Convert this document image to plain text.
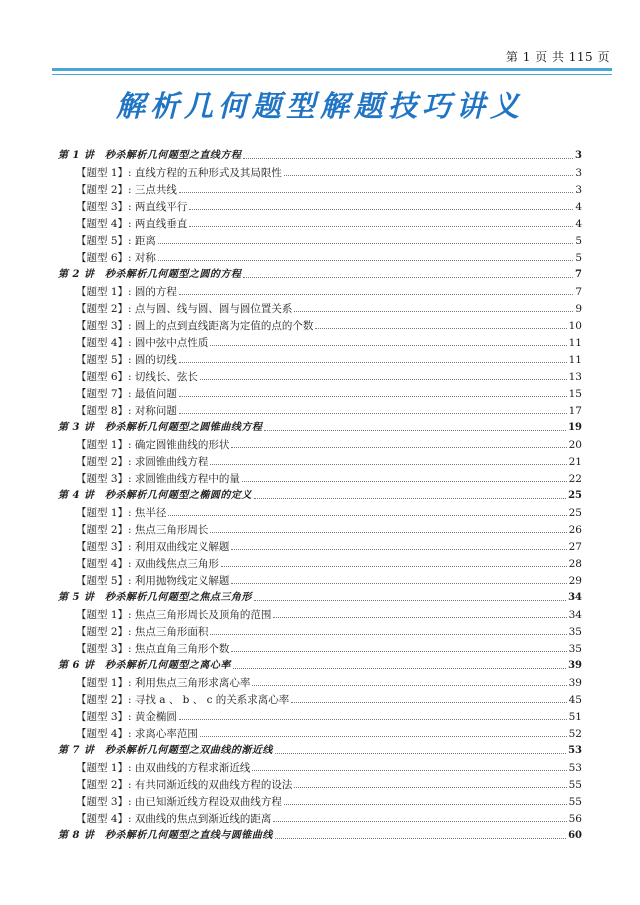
第 1 页 共 115 页
解析几何题型解题技巧讲义
第 1 讲　秒杀解析几何题型之直线方程	3
【题型 1】: 直线方程的五种形式及其局限性	3
【题型 2】: 三点共线	3
【题型 3】: 两直线平行	4
【题型 4】: 两直线垂直	4
【题型 5】: 距离	5
【题型 6】: 对称	5
第 2 讲　秒杀解析几何题型之圆的方程	7
【题型 1】: 圆的方程	7
【题型 2】: 点与圆、线与圆、圆与圆位置关系	9
【题型 3】: 圆上的点到直线距离为定值的点的个数	10
【题型 4】: 圆中弦中点性质	11
【题型 5】: 圆的切线	11
【题型 6】: 切线长、弦长	13
【题型 7】: 最值问题	15
【题型 8】: 对称问题	17
第 3 讲　秒杀解析几何题型之圆锥曲线方程	19
【题型 1】: 确定圆锥曲线的形状	20
【题型 2】: 求圆锥曲线方程	21
【题型 3】: 求圆锥曲线方程中的量	22
第 4 讲　秒杀解析几何题型之椭圆的定义	25
【题型 1】: 焦半径	25
【题型 2】: 焦点三角形周长	26
【题型 3】: 利用双曲线定义解题	27
【题型 4】: 双曲线焦点三角形	28
【题型 5】: 利用抛物线定义解题	29
第 5 讲　秒杀解析几何题型之焦点三角形	34
【题型 1】: 焦点三角形周长及顶角的范围	34
【题型 2】: 焦点三角形面积	35
【题型 3】: 焦点直角三角形个数	35
第 6 讲　秒杀解析几何题型之离心率	39
【题型 1】: 利用焦点三角形求离心率	39
【题型 2】: 寻找 a 、 b 、 c 的关系求离心率	45
【题型 3】: 黄金椭圆	51
【题型 4】: 求离心率范围	52
第 7 讲　秒杀解析几何题型之双曲线的渐近线	53
【题型 1】: 由双曲线的方程求渐近线	53
【题型 2】: 有共同渐近线的双曲线方程的设法	55
【题型 3】: 由已知渐近线方程设双曲线方程	55
【题型 4】: 双曲线的焦点到渐近线的距离	56
第 8 讲　秒杀解析几何题型之直线与圆锥曲线	60
